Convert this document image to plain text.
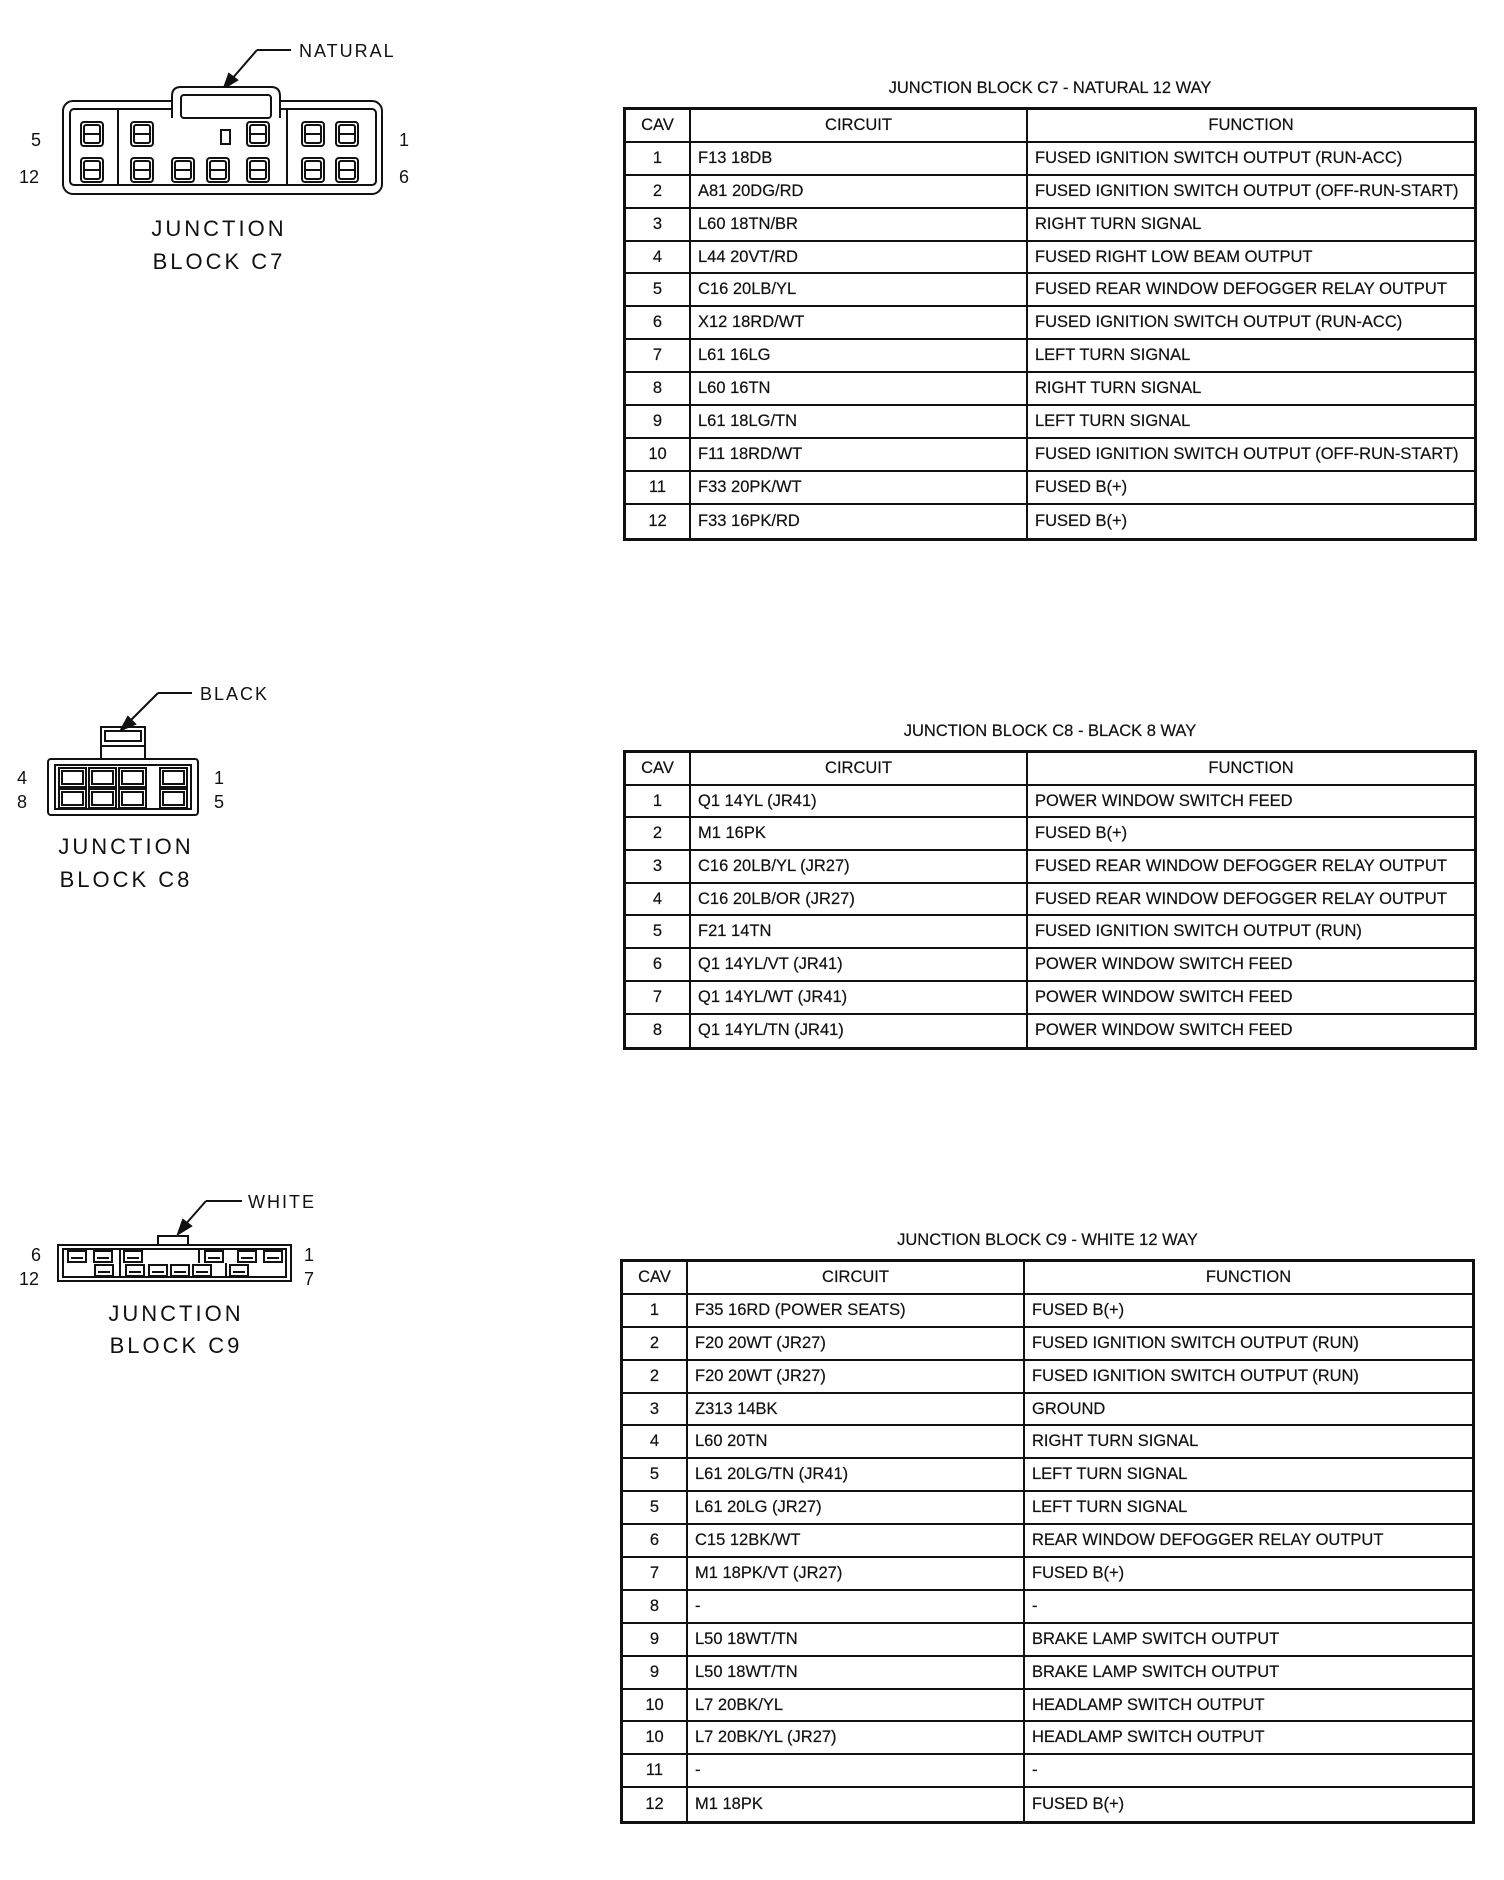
NATURAL
5
12
1
6
JUNCTION
BLOCK C7
BLACK
4
8
1
5
JUNCTION
BLOCK C8
WHITE
6
12
1
7
JUNCTION
BLOCK C9
JUNCTION BLOCK C7 - NATURAL 12 WAY
CAV	CIRCUIT	FUNCTION
1	F13 18DB	FUSED IGNITION SWITCH OUTPUT (RUN-ACC)
2	A81 20DG/RD	FUSED IGNITION SWITCH OUTPUT (OFF-RUN-START)
3	L60 18TN/BR	RIGHT TURN SIGNAL
4	L44 20VT/RD	FUSED RIGHT LOW BEAM OUTPUT
5	C16 20LB/YL	FUSED REAR WINDOW DEFOGGER RELAY OUTPUT
6	X12 18RD/WT	FUSED IGNITION SWITCH OUTPUT (RUN-ACC)
7	L61 16LG	LEFT TURN SIGNAL
8	L60 16TN	RIGHT TURN SIGNAL
9	L61 18LG/TN	LEFT TURN SIGNAL
10	F11 18RD/WT	FUSED IGNITION SWITCH OUTPUT (OFF-RUN-START)
11	F33 20PK/WT	FUSED B(+)
12	F33 16PK/RD	FUSED B(+)
JUNCTION BLOCK C8 - BLACK 8 WAY
CAV	CIRCUIT	FUNCTION
1	Q1 14YL (JR41)	POWER WINDOW SWITCH FEED
2	M1 16PK	FUSED B(+)
3	C16 20LB/YL (JR27)	FUSED REAR WINDOW DEFOGGER RELAY OUTPUT
4	C16 20LB/OR (JR27)	FUSED REAR WINDOW DEFOGGER RELAY OUTPUT
5	F21 14TN	FUSED IGNITION SWITCH OUTPUT (RUN)
6	Q1 14YL/VT (JR41)	POWER WINDOW SWITCH FEED
7	Q1 14YL/WT (JR41)	POWER WINDOW SWITCH FEED
8	Q1 14YL/TN (JR41)	POWER WINDOW SWITCH FEED
JUNCTION BLOCK C9 - WHITE 12 WAY
CAV	CIRCUIT	FUNCTION
1	F35 16RD (POWER SEATS)	FUSED B(+)
2	F20 20WT (JR27)	FUSED IGNITION SWITCH OUTPUT (RUN)
2	F20 20WT (JR27)	FUSED IGNITION SWITCH OUTPUT (RUN)
3	Z313 14BK	GROUND
4	L60 20TN	RIGHT TURN SIGNAL
5	L61 20LG/TN (JR41)	LEFT TURN SIGNAL
5	L61 20LG (JR27)	LEFT TURN SIGNAL
6	C15 12BK/WT	REAR WINDOW DEFOGGER RELAY OUTPUT
7	M1 18PK/VT (JR27)	FUSED B(+)
8	-	-
9	L50 18WT/TN	BRAKE LAMP SWITCH OUTPUT
9	L50 18WT/TN	BRAKE LAMP SWITCH OUTPUT
10	L7 20BK/YL	HEADLAMP SWITCH OUTPUT
10	L7 20BK/YL (JR27)	HEADLAMP SWITCH OUTPUT
11	-	-
12	M1 18PK	FUSED B(+)
